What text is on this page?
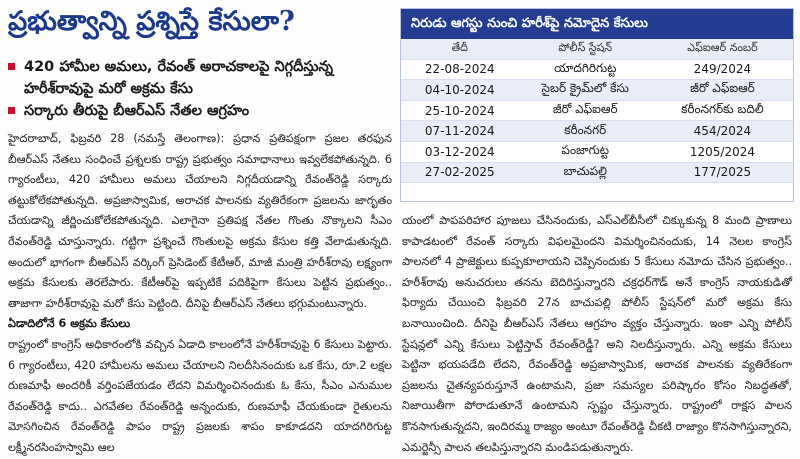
ప్రభుత్వాన్ని ప్రశ్నిస్తే కేసులా?
420 హామీల అమలు, రేవంత్ అరాచకాలపై నిగ్గదీస్తున్న హరీశ్‌రావుపై మరో అక్రమ కేసు
సర్కారు తీరుపై బీఆర్‌ఎస్ నేతల ఆగ్రహం

హైదరాబాద్, ఫిబ్రవరి 28 (నమస్తే తెలంగాణ): ప్రధాన ప్రతిపక్షంగా ప్రజల తరఫున బీఆర్‌ఎస్ నేతలు సంధించే ప్రశ్నలకు రాష్ట్ర ప్రభుత్వం సమాధానాలు ఇవ్వలేకపోతున్నది. 6 గ్యారంటీలు, 420 హామీలు అమలు చేయాలని నిగ్గదీయడాన్ని రేవంత్‌రెడ్డి సర్కారు తట్టుకోలేకపోతున్నది. అప్రజాస్వామిక, అరాచక పాలనకు వ్యతిరేకంగా ప్రజలను జాగృతం చేయడాన్ని జీర్ణించుకోలేకపోతున్నది. ఎలాగైనా ప్రతిపక్ష నేతల గొంతు నొక్కాలని సీఎం రేవంత్‌రెడ్డి చూస్తున్నారు. గట్టిగా ప్రశ్నించే గొంతులపై అక్రమ కేసుల కత్తి వేలాడుతున్నది. అందులో భాగంగా బీఆర్‌ఎస్ వర్కింగ్ ప్రెసిడెంట్ కేటీఆర్, మాజీ మంత్రి హరీశ్‌రావు లక్ష్యంగా అక్రమ కేసులకు తెరలేపారు. కేటీఆర్‌పై ఇప్పటికే పదికిపైగా కేసులు పెట్టిన ప్రభుత్వం.. తాజాగా హరీశ్‌రావుపై మరో కేసు పెట్టింది. దీనిపై బీఆర్‌ఎస్ నేతలు భగ్గుమంటున్నారు.

ఏడాదిలోనే 6 అక్రమ కేసులు

రాష్ట్రంలో కాంగ్రెస్ అధికారంలోకి వచ్చిన ఏడాది కాలంలోనే హరీశ్‌రావుపై 6 కేసులు పెట్టారు. 6 గ్యారంటీలు, 420 హామీలను అమలు చేయాలని నిలదీసినందుకు ఒక కేసు, రూ.2 లక్షల రుణమాఫీ అందరికీ వర్తింపజేయడం లేదని విమర్శించినందుకు ఓ కేసు, సీఎం ఎనుముల రేవంత్‌రెడ్డి కాదు.. ఎగవేతల రేవంత్‌రెడ్డి అన్నందుకు, రుణమాఫీ చేయకుండా రైతులను మోసగించిన రేవంత్‌రెడ్డి పాపం రాష్ట్ర ప్రజలకు శాపం కాకూడదని యాదగిరిగుట్ట లక్ష్మీనరసింహస్వామి ఆల

నిరుడు ఆగస్టు నుంచి హరీశ్‌పై నమోదైన కేసులు
తేదీ	పోలీస్ స్టేషన్	ఎఫ్‌ఐఆర్ నంబర్
22-08-2024	యాదగిరిగుట్ట	249/2024
04-10-2024	సైబర్ క్రైమ్‌లో కేసు	జీరో ఎఫ్ఐఆర్
25-10-2024	జీరో ఎఫ్ఐఆర్	కరీంనగర్‌కు బదిలీ
07-11-2024	కరీంనగర్	454/2024
03-12-2024	పంజాగుట్ట	1205/2024
27-02-2025	బాచుపల్లి	177/2025

యంలో పాపపరిహార పూజలు చేసినందుకు, ఎస్‌ఎల్‌బీసీలో చిక్కుకున్న 8 మంది ప్రాణాలు కాపాడటంలో రేవంత్ సర్కారు విఫలమైందని విమర్శించినందుకు, 14 నెలల కాంగ్రెస్ పాలనలో 4 ప్రాజెక్టులు కుప్పకూలాయని చెప్పినందుకు 5 కేసులు నమోదు చేసిన ప్రభుత్వం.. హరీశ్‌రావు అనుచరులు తనను బెదిరిస్తున్నారని చక్రధర్‌గౌడ్ అనే కాంగ్రెస్ నాయకుడితో ఫిర్యాదు చేయించి ఫిబ్రవరి 27న బాచుపల్లి పోలీస్ స్టేషన్‌లో మరో అక్రమ కేసు బనాయించింది. దీనిపై బీఆర్‌ఎస్ నేతలు ఆగ్రహం వ్యక్తం చేస్తున్నారు. ఇంకా ఎన్ని పోలీస్ స్టేషన్లలో ఎన్ని కేసులు పెట్టిస్తావ్ రేవంత్‌రెడ్డీ? అని నిలదీస్తున్నారు. ఎన్ని అక్రమ కేసులు పెట్టినా భయపడేది లేదని, రేవంత్‌రెడ్డి అప్రజాస్వామిక, అరాచక పాలనకు వ్యతిరేకంగా ప్రజలను చైతన్యపరుస్తూనే ఉంటామని, ప్రజా సమస్యల పరిష్కారం కోసం నిబద్ధతతో, నిజాయితీగా పోరాడుతూనే ఉంటామని స్పష్టం చేస్తున్నారు. రాష్ట్రంలో రాక్షస పాలన కొనసాగుతున్నదని, ఇందిరమ్మ రాజ్యం అంటూ రేవంత్‌రెడ్డి చీకటి రాజ్యాం కొనసాగిస్తున్నారని, ఎమర్జెన్సీ పాలన తలపిస్తున్నారని మండిపడుతున్నారు.
